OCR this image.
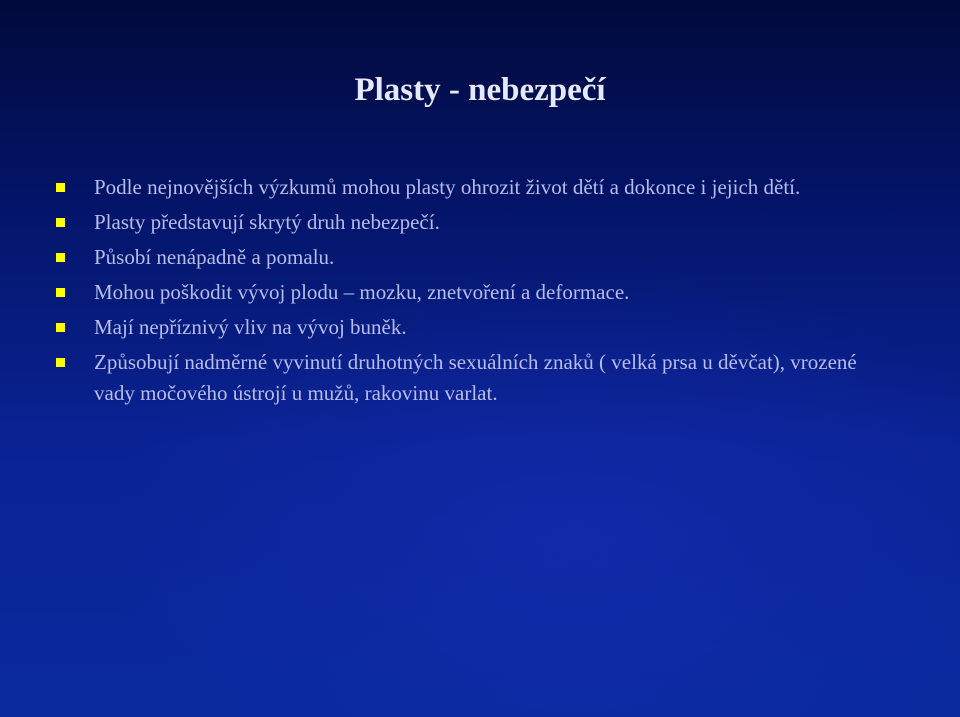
Plasty - nebezpečí
Podle nejnovějších výzkumů mohou plasty ohrozit život dětí a dokonce i jejich dětí.
Plasty představují skrytý druh nebezpečí.
Působí nenápadně a pomalu.
Mohou poškodit vývoj plodu – mozku, znetvoření a deformace.
Mají nepříznivý vliv na vývoj buněk.
Způsobují nadměrné vyvinutí druhotných sexuálních znaků ( velká prsa u děvčat), vrozené vady močového ústrojí u mužů, rakovinu varlat.
